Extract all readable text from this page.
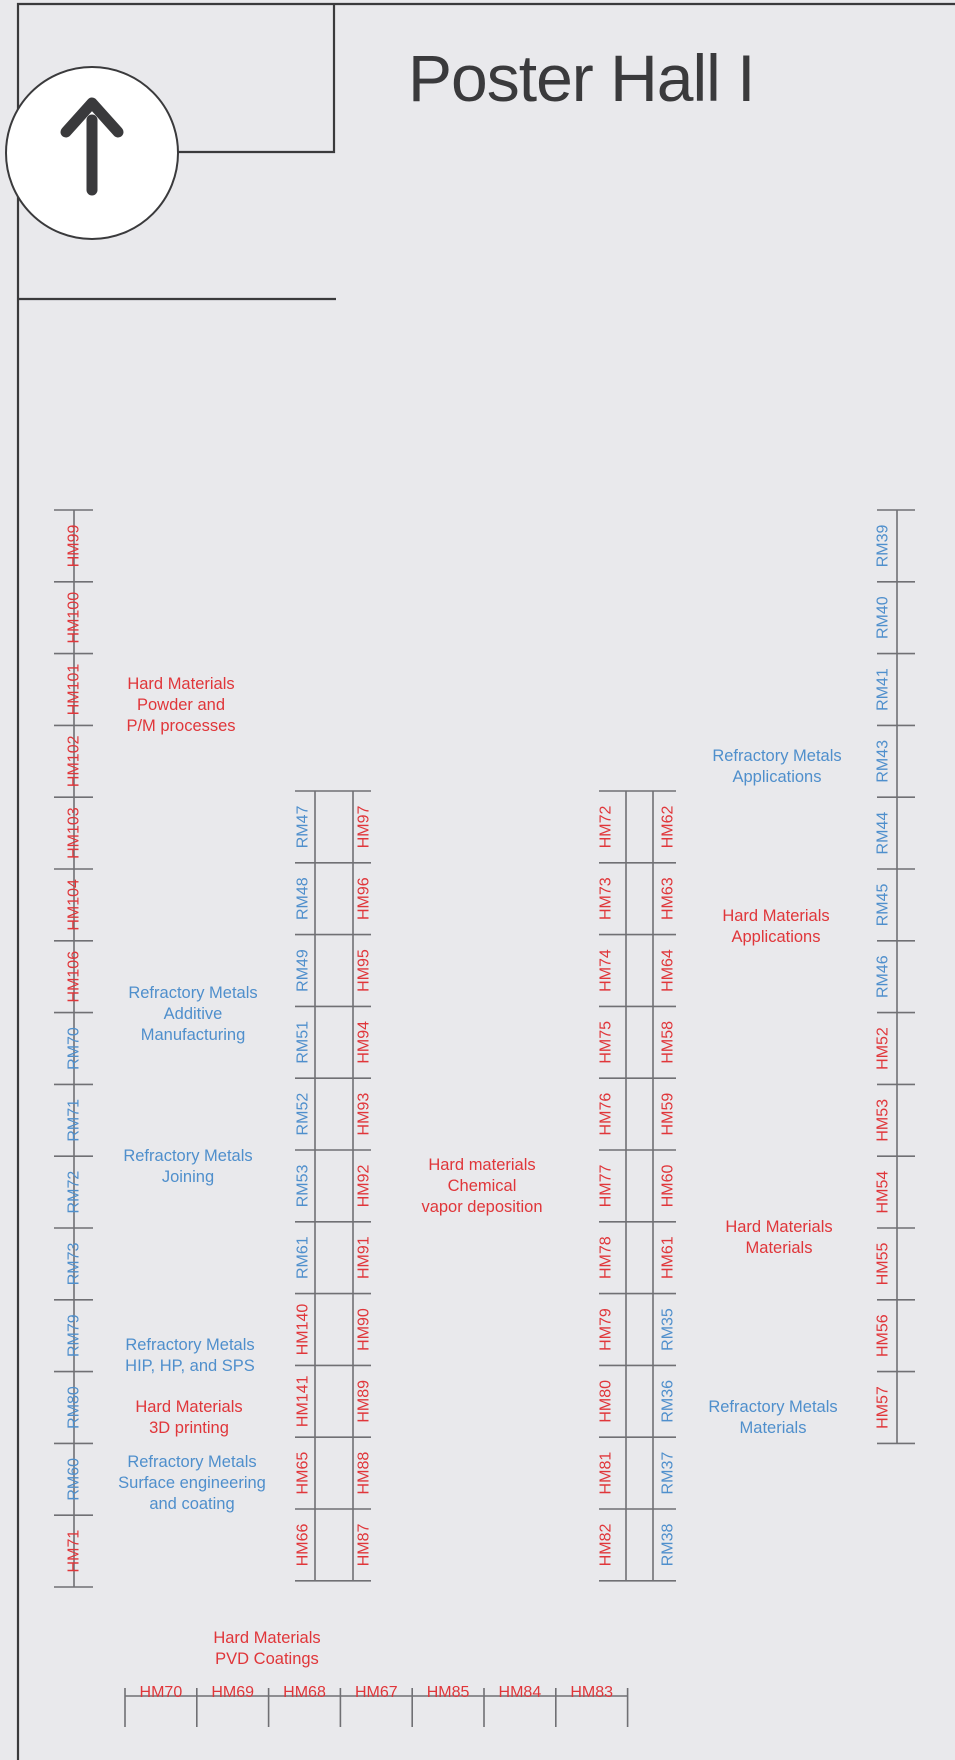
HM99
HM100
HM101
HM102
HM103
HM104
HM106
RM70
RM71
RM72
RM73
RM79
RM80
RM60
HM71
RM47
RM48
RM49
RM51
RM52
RM53
RM61
HM140
HM141
HM65
HM66
HM97
HM96
HM95
HM94
HM93
HM92
HM91
HM90
HM89
HM88
HM87
HM72
HM73
HM74
HM75
HM76
HM77
HM78
HM79
HM80
HM81
HM82
HM62
HM63
HM64
HM58
HM59
HM60
HM61
RM35
RM36
RM37
RM38
RM39
RM40
RM41
RM43
RM44
RM45
RM46
HM52
HM53
HM54
HM55
HM56
HM57
HM70 HM69 HM68 HM67 HM85 HM84 HM83
Poster Hall I
Hard Materials
Powder and
P/M processes
Refractory Metals
Additive
Manufacturing
Refractory Metals
Joining
Refractory Metals
HIP, HP, and SPS
Hard Materials
3D printing
Refractory Metals
Surface engineering
and coating
Hard materials
Chemical
vapor deposition
Refractory Metals
Applications
Hard Materials
Applications
Hard Materials
Materials
Refractory Metals
Materials
Hard Materials
PVD Coatings
